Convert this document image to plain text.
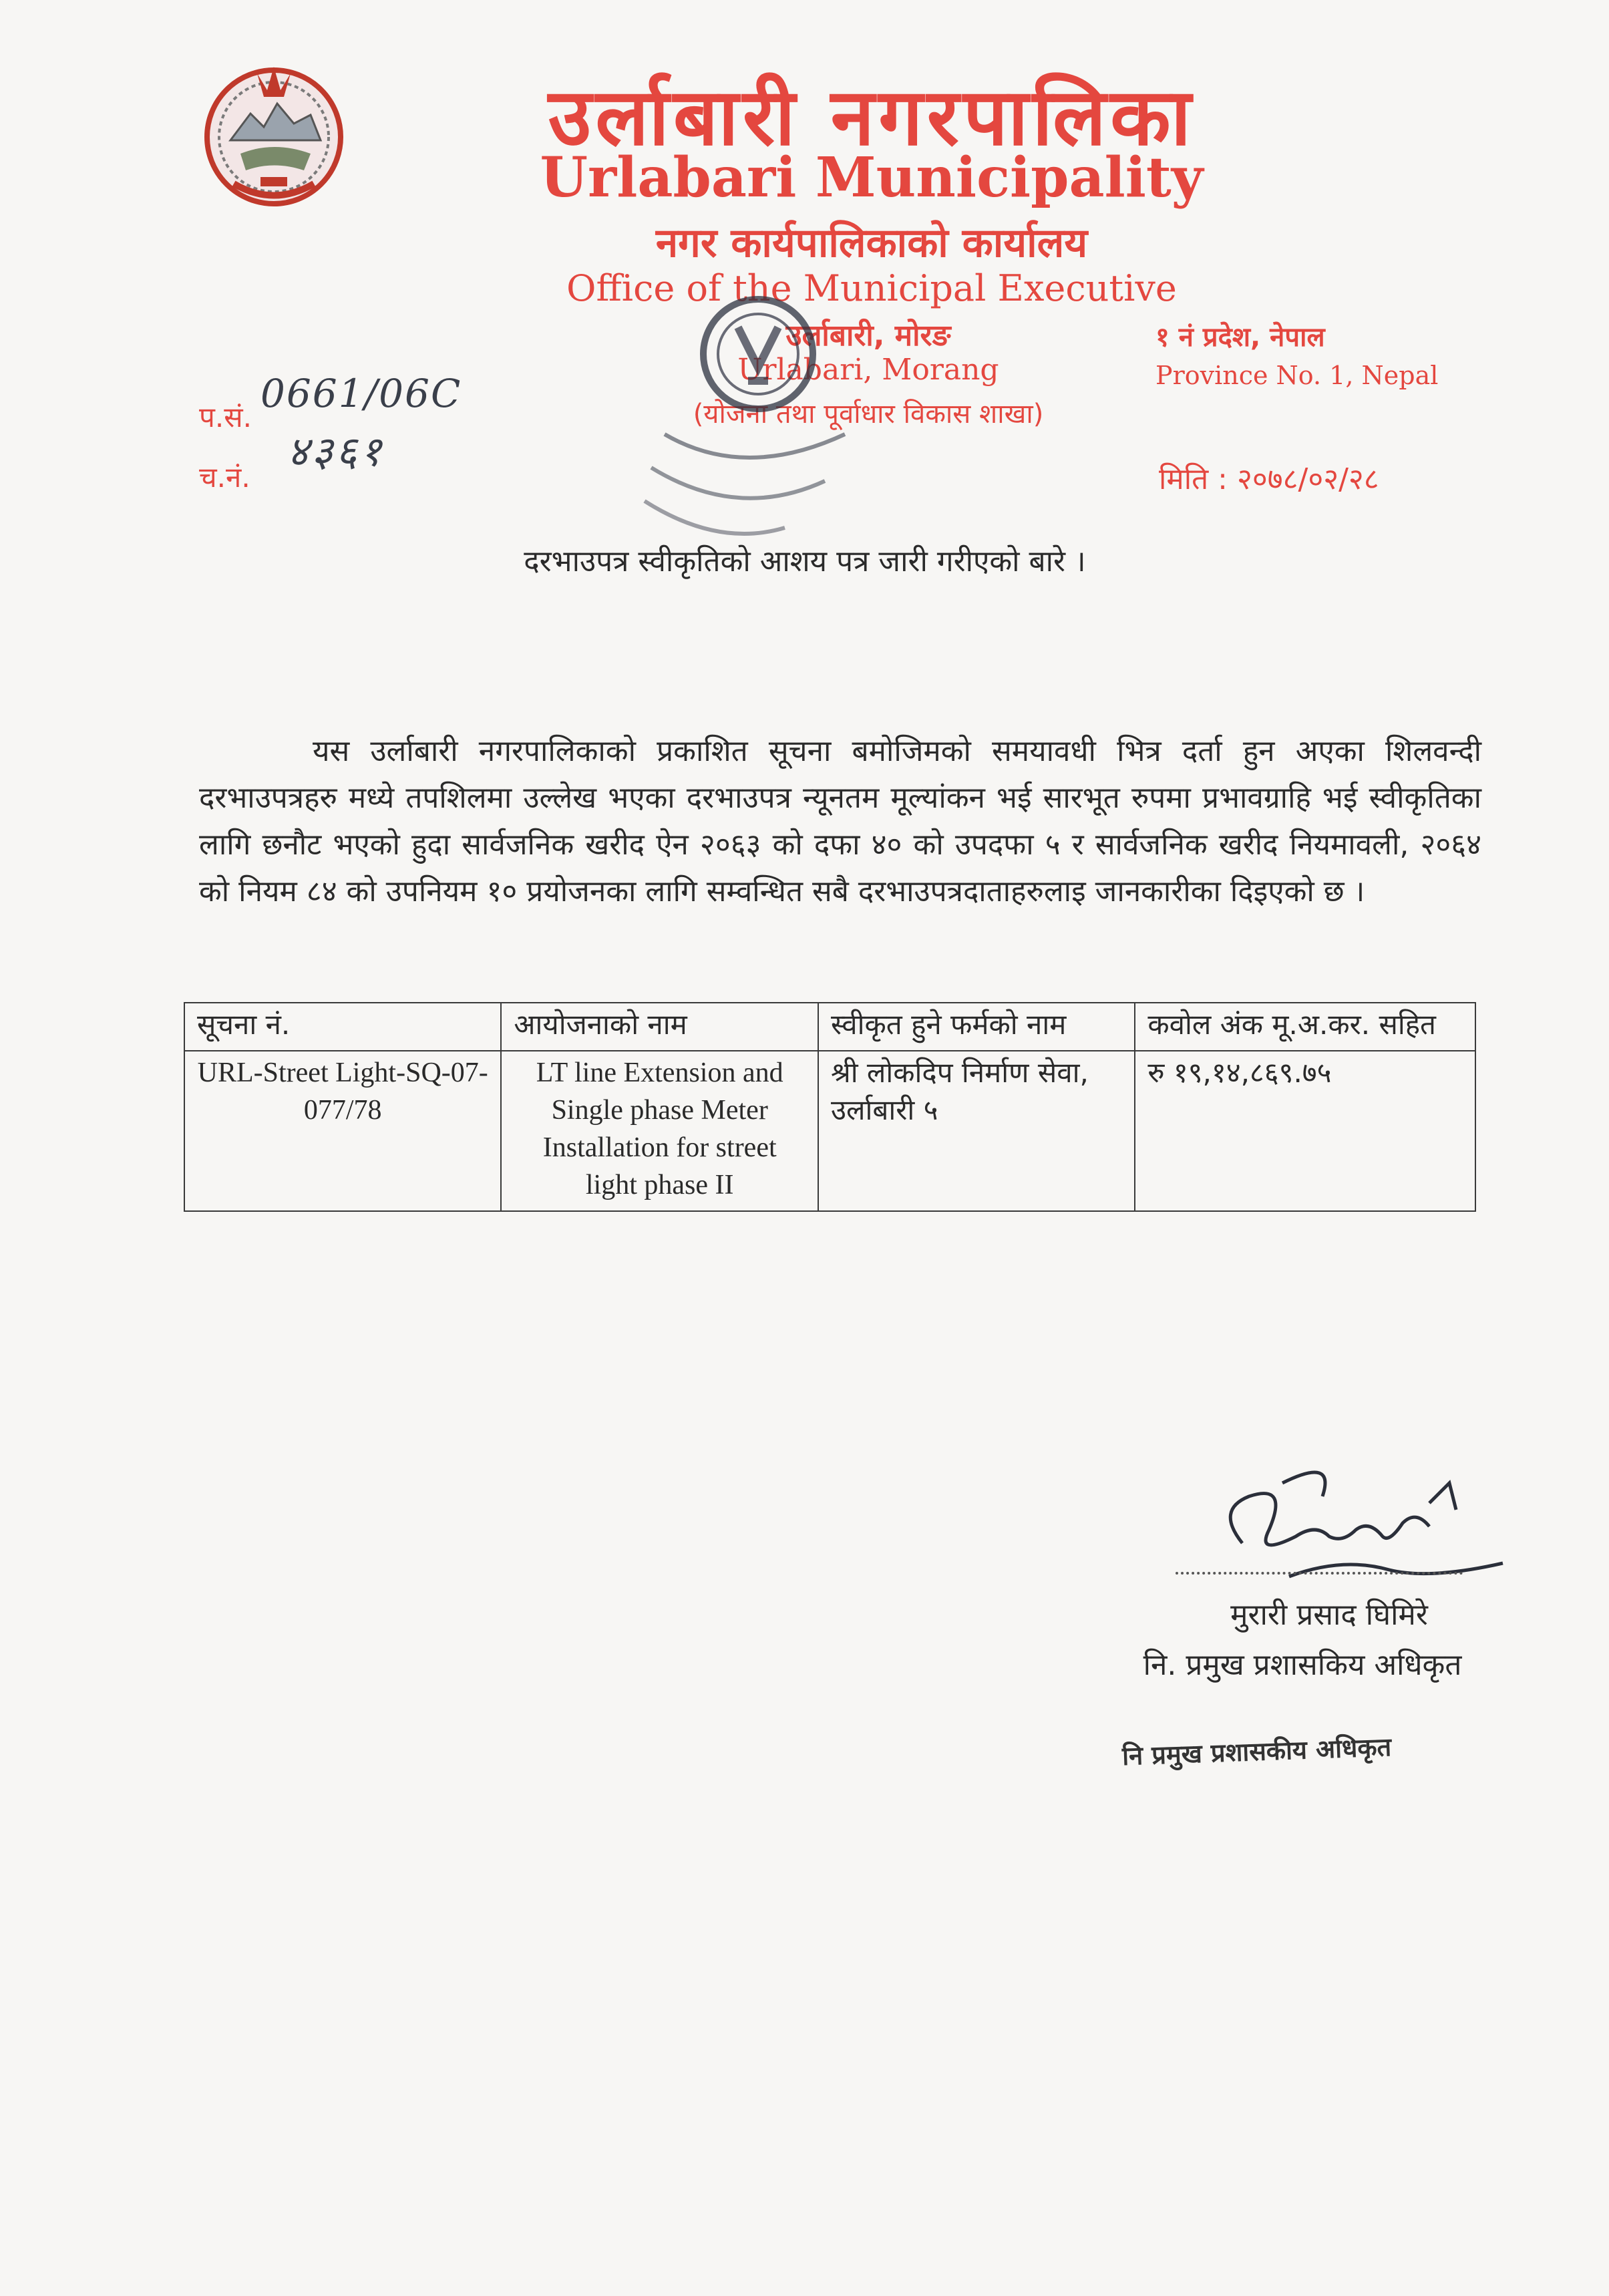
उर्लाबारी नगरपालिका
Urlabari Municipality
नगर कार्यपालिकाको कार्यालय
Office of the Municipal Executive
उर्लाबारी, मोरङ
Urlabari, Morang
(योजना तथा पूर्वाधार विकास शाखा)
१ नं प्रदेश, नेपाल
Province No. 1, Nepal
प.सं.
0661/06C
च.नं.
४३६१
मिति : २०७८/०२/२८
दरभाउपत्र स्वीकृतिको आशय पत्र जारी गरीएको बारे ।
यस उर्लाबारी नगरपालिकाको प्रकाशित सूचना बमोजिमको समयावधी भित्र दर्ता हुन अएका शिलवन्दी दरभाउपत्रहरु मध्ये तपशिलमा उल्लेख भएका दरभाउपत्र न्यूनतम मूल्यांकन भई सारभूत रुपमा प्रभावग्राहि भई स्वीकृतिका लागि छनौट भएको हुदा सार्वजनिक खरीद ऐन २०६३ को दफा ४० को उपदफा ५ र सार्वजनिक खरीद नियमावली, २०६४ को नियम ८४ को उपनियम १० प्रयोजनका लागि सम्वन्धित सबै दरभाउपत्रदाताहरुलाइ जानकारीका दिइएको छ ।
सूचना नं.	आयोजनाको नाम	स्वीकृत हुने फर्मको नाम	कवोल अंक मू.अ.कर. सहित
URL-Street Light-SQ-07-077/78	LT line Extension and Single phase Meter Installation for street light phase II	श्री लोकदिप निर्माण सेवा, उर्लाबारी ५	रु १९,१४,८६९.७५
मुरारी प्रसाद घिमिरे
नि. प्रमुख प्रशासकिय अधिकृत
नि प्रमुख प्रशासकीय अधिकृत
